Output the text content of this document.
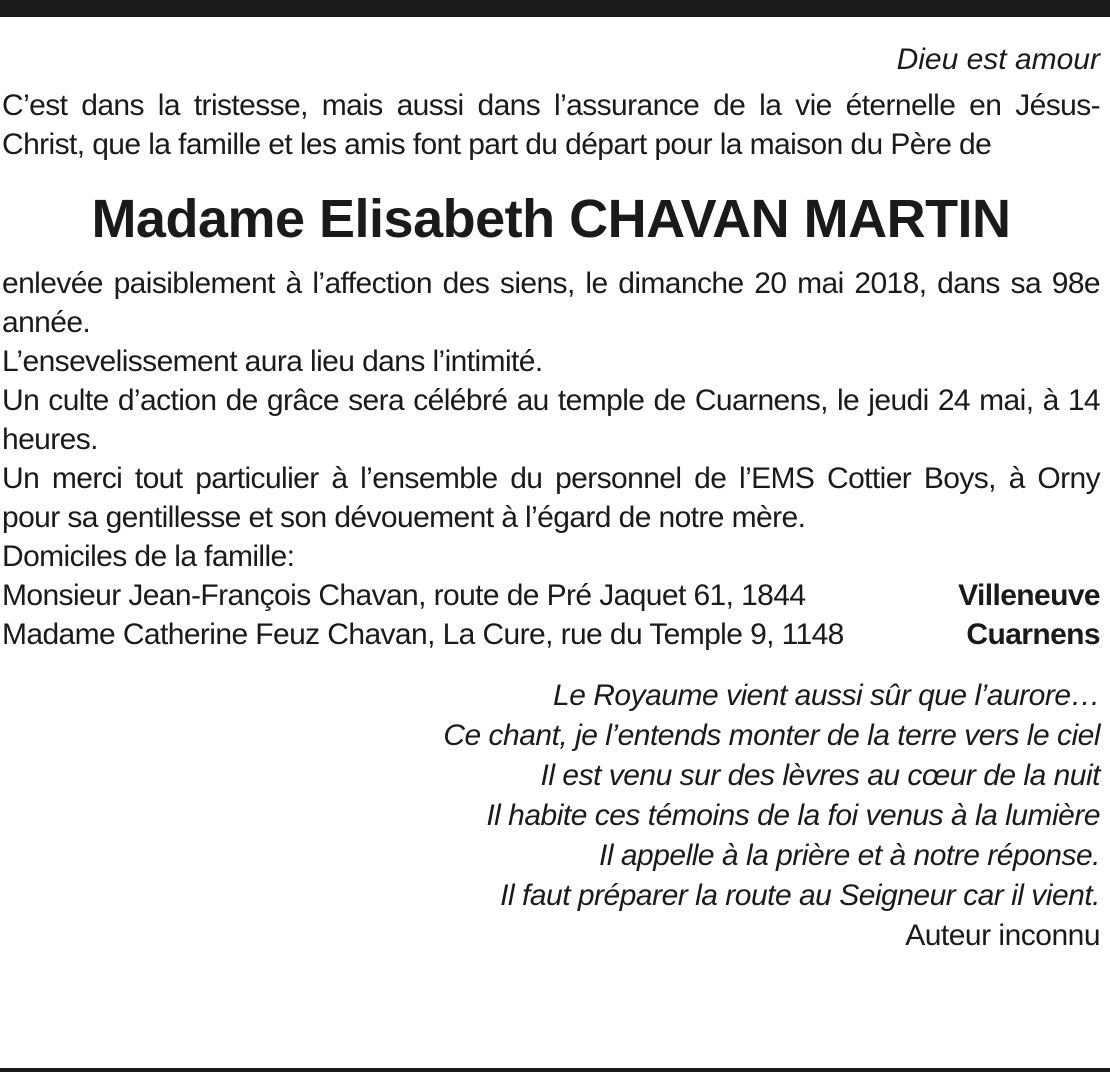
Dieu est amour

C’est dans la tristesse, mais aussi dans l’assurance de la vie éternelle en Jésus-Christ, que la famille et les amis font part du départ pour la maison du Père de

Madame Elisabeth CHAVAN MARTIN

enlevée paisiblement à l’affection des siens, le dimanche 20 mai 2018, dans sa 98e année.

L’ensevelissement aura lieu dans l’intimité.

Un culte d’action de grâce sera célébré au temple de Cuarnens, le jeudi 24 mai, à 14 heures.

Un merci tout particulier à l’ensemble du personnel de l’EMS Cottier Boys, à Orny pour sa gentillesse et son dévouement à l’égard de notre mère.

Domiciles de la famille:

Monsieur Jean-François Chavan, route de Pré Jaquet 61, 1844	Villeneuve
Madame Catherine Feuz Chavan, La Cure, rue du Temple 9, 1148	Cuarnens
Le Royaume vient aussi sûr que l’aurore…
Ce chant, je l’entends monter de la terre vers le ciel
Il est venu sur des lèvres au cœur de la nuit
Il habite ces témoins de la foi venus à la lumière
Il appelle à la prière et à notre réponse.
Il faut préparer la route au Seigneur car il vient.
Auteur inconnu
